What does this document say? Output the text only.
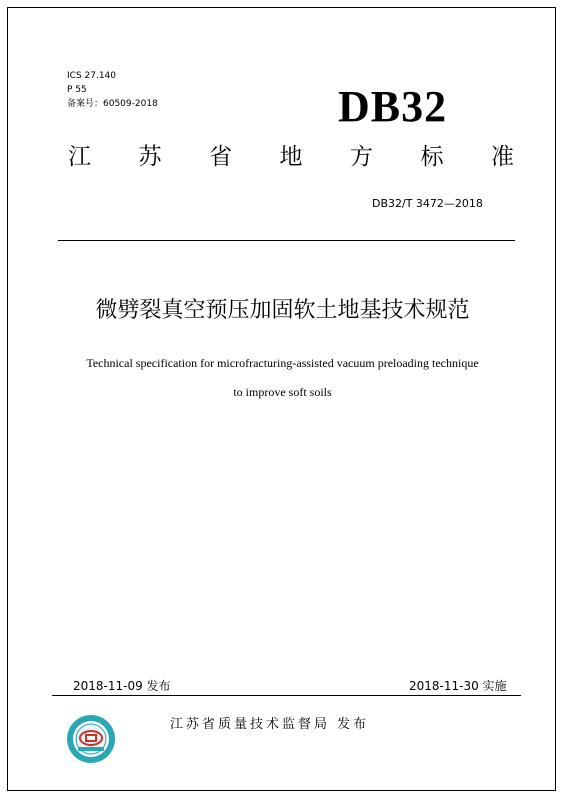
ICS 27.140
P 55
备案号：60509-2018	DB32
江 苏 省 地 方 标 准
DB32/T 3472—2018
微劈裂真空预压加固软土地基技术规范
Technical specification for microfracturing-assisted vacuum preloading technique
to improve soft soils
2018-11-09 发布	2018-11-30 实施
江苏省质量技术监督局 发布
